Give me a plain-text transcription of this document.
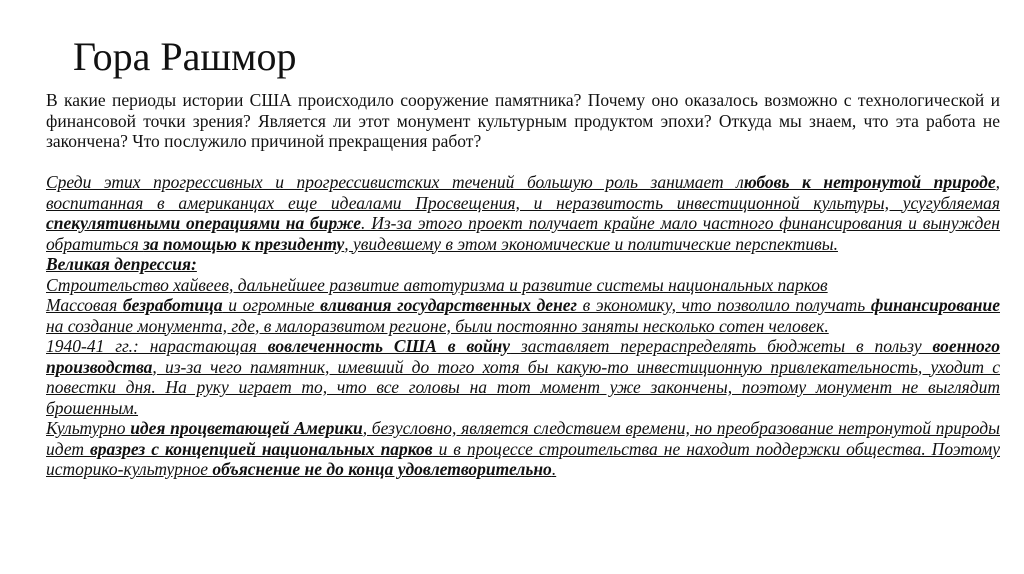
Гора Рашмор

В какие периоды истории США происходило сооружение памятника? Почему оно оказалось возможно с технологической и финансовой точки зрения? Является ли этот монумент культурным продуктом эпохи? Откуда мы знаем, что эта работа не закончена? Что послужило причиной прекращения работ?

Среди этих прогрессивных и прогрессивистских течений большую роль занимает любовь к нетронутой природе, воспитанная в американцах еще идеалами Просвещения, и неразвитость инвестиционной культуры, усугубляемая спекулятивными операциями на бирже. Из-за этого проект получает крайне мало частного финансирования и вынужден обратиться за помощью к президенту, увидевшему в этом экономические и политические перспективы.

Великая депрессия:

Строительство хайвеев, дальнейшее развитие автотуризма и развитие системы национальных парков

Массовая безработица и огромные вливания государственных денег в экономику, что позволило получать финансирование на создание монумента, где, в малоразвитом регионе, были постоянно заняты несколько сотен человек.

1940-41 гг.: нарастающая вовлеченность США в войну заставляет перераспределять бюджеты в пользу военного производства, из-за чего памятник, имевший до того хотя бы какую-то инвестиционную привлекательность, уходит с повестки дня. На руку играет то, что все головы на тот момент уже закончены, поэтому монумент не выглядит брошенным.

Культурно идея процветающей Америки, безусловно, является следствием времени, но преобразование нетронутой природы идет вразрез с концепцией национальных парков и в процессе строительства не находит поддержки общества. Поэтому историко-культурное объяснение не до конца удовлетворительно.
